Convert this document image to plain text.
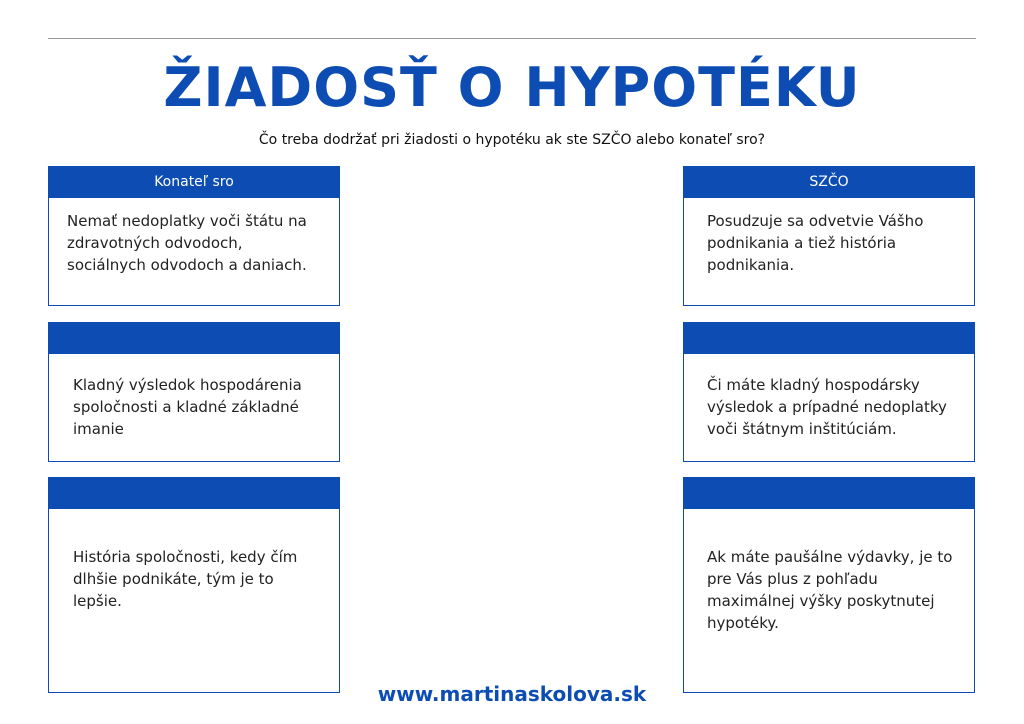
ŽIADOSŤ O HYPOTÉKU

Čo treba dodržať pri žiadosti o hypotéku ak ste SZČO alebo konateľ sro?

Konateľ sro
Nemať nedoplatky voči štátu na zdravotných odvodoch, sociálnych odvodoch a daniach.
Kladný výsledok hospodárenia spoločnosti a kladné základné imanie
História spoločnosti, kedy čím dlhšie podnikáte, tým je to lepšie.
SZČO
Posudzuje sa odvetvie Vášho podnikania a tiež história podnikania.
Či máte kladný hospodársky výsledok a prípadné nedoplatky voči štátnym inštitúciám.
Ak máte paušálne výdavky, je to pre Vás plus z pohľadu maximálnej výšky poskytnutej hypotéky.
www.martinaskolova.sk
